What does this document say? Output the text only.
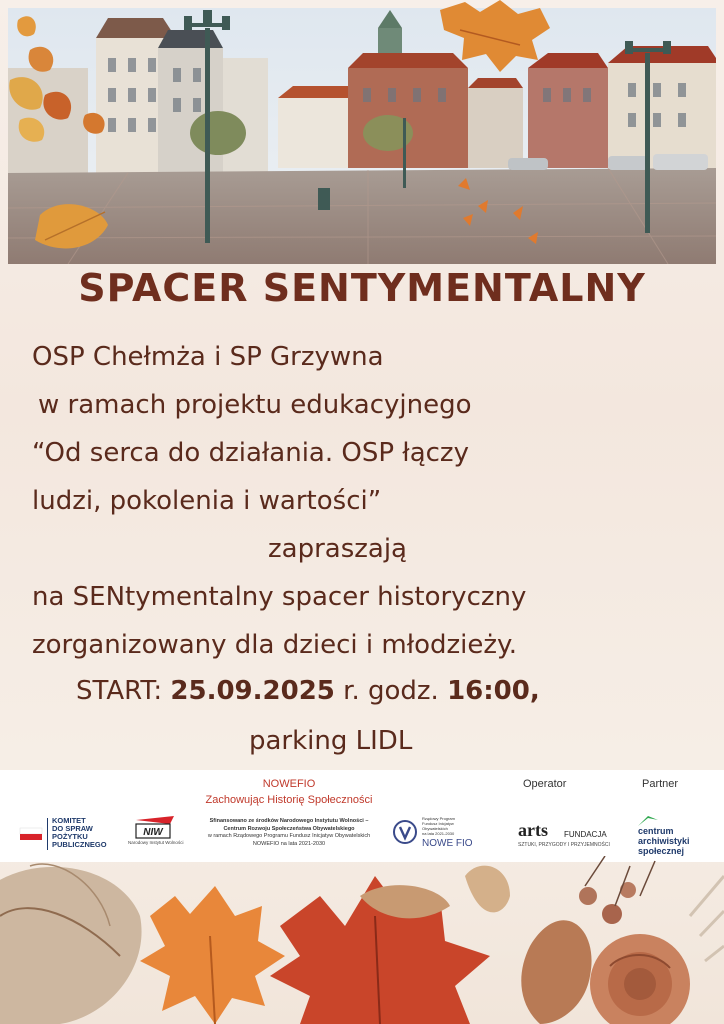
SPACER SENTYMENTALNY
OSP Chełmża i SP Grzywna
w ramach projektu edukacyjnego
“Od serca do działania. OSP łączy
ludzi, pokolenia i wartości”
zapraszają
na SENtymentalny spacer historyczny
zorganizowany dla dzieci i młodzieży.
START: 25.09.2025 r. godz. 16:00,
parking LIDL
NOWEFIO
Zachowując Historię Społeczności
Operator	Partner
KOMITET
DO SPRAW
POŻYTKU
PUBLICZNEGO
NIW
Narodowy Instytut Wolności
Sfinansowano ze środków Narodowego Instytutu Wolności –
Centrum Rozwoju Społeczeństwa Obywatelskiego
w ramach Rządowego Programu Fundusz Inicjatyw Obywatelskich
NOWEFIO na lata 2021-2030
Rządowy Program
Fundusz Inicjatyw
Obywatelskich
na lata 2021-2030
NOWE FIO
arts FUNDACJA
SZTUKI, PRZYGODY I PRZYJEMNOŚCI
centrum
archiwistyki
społecznej
